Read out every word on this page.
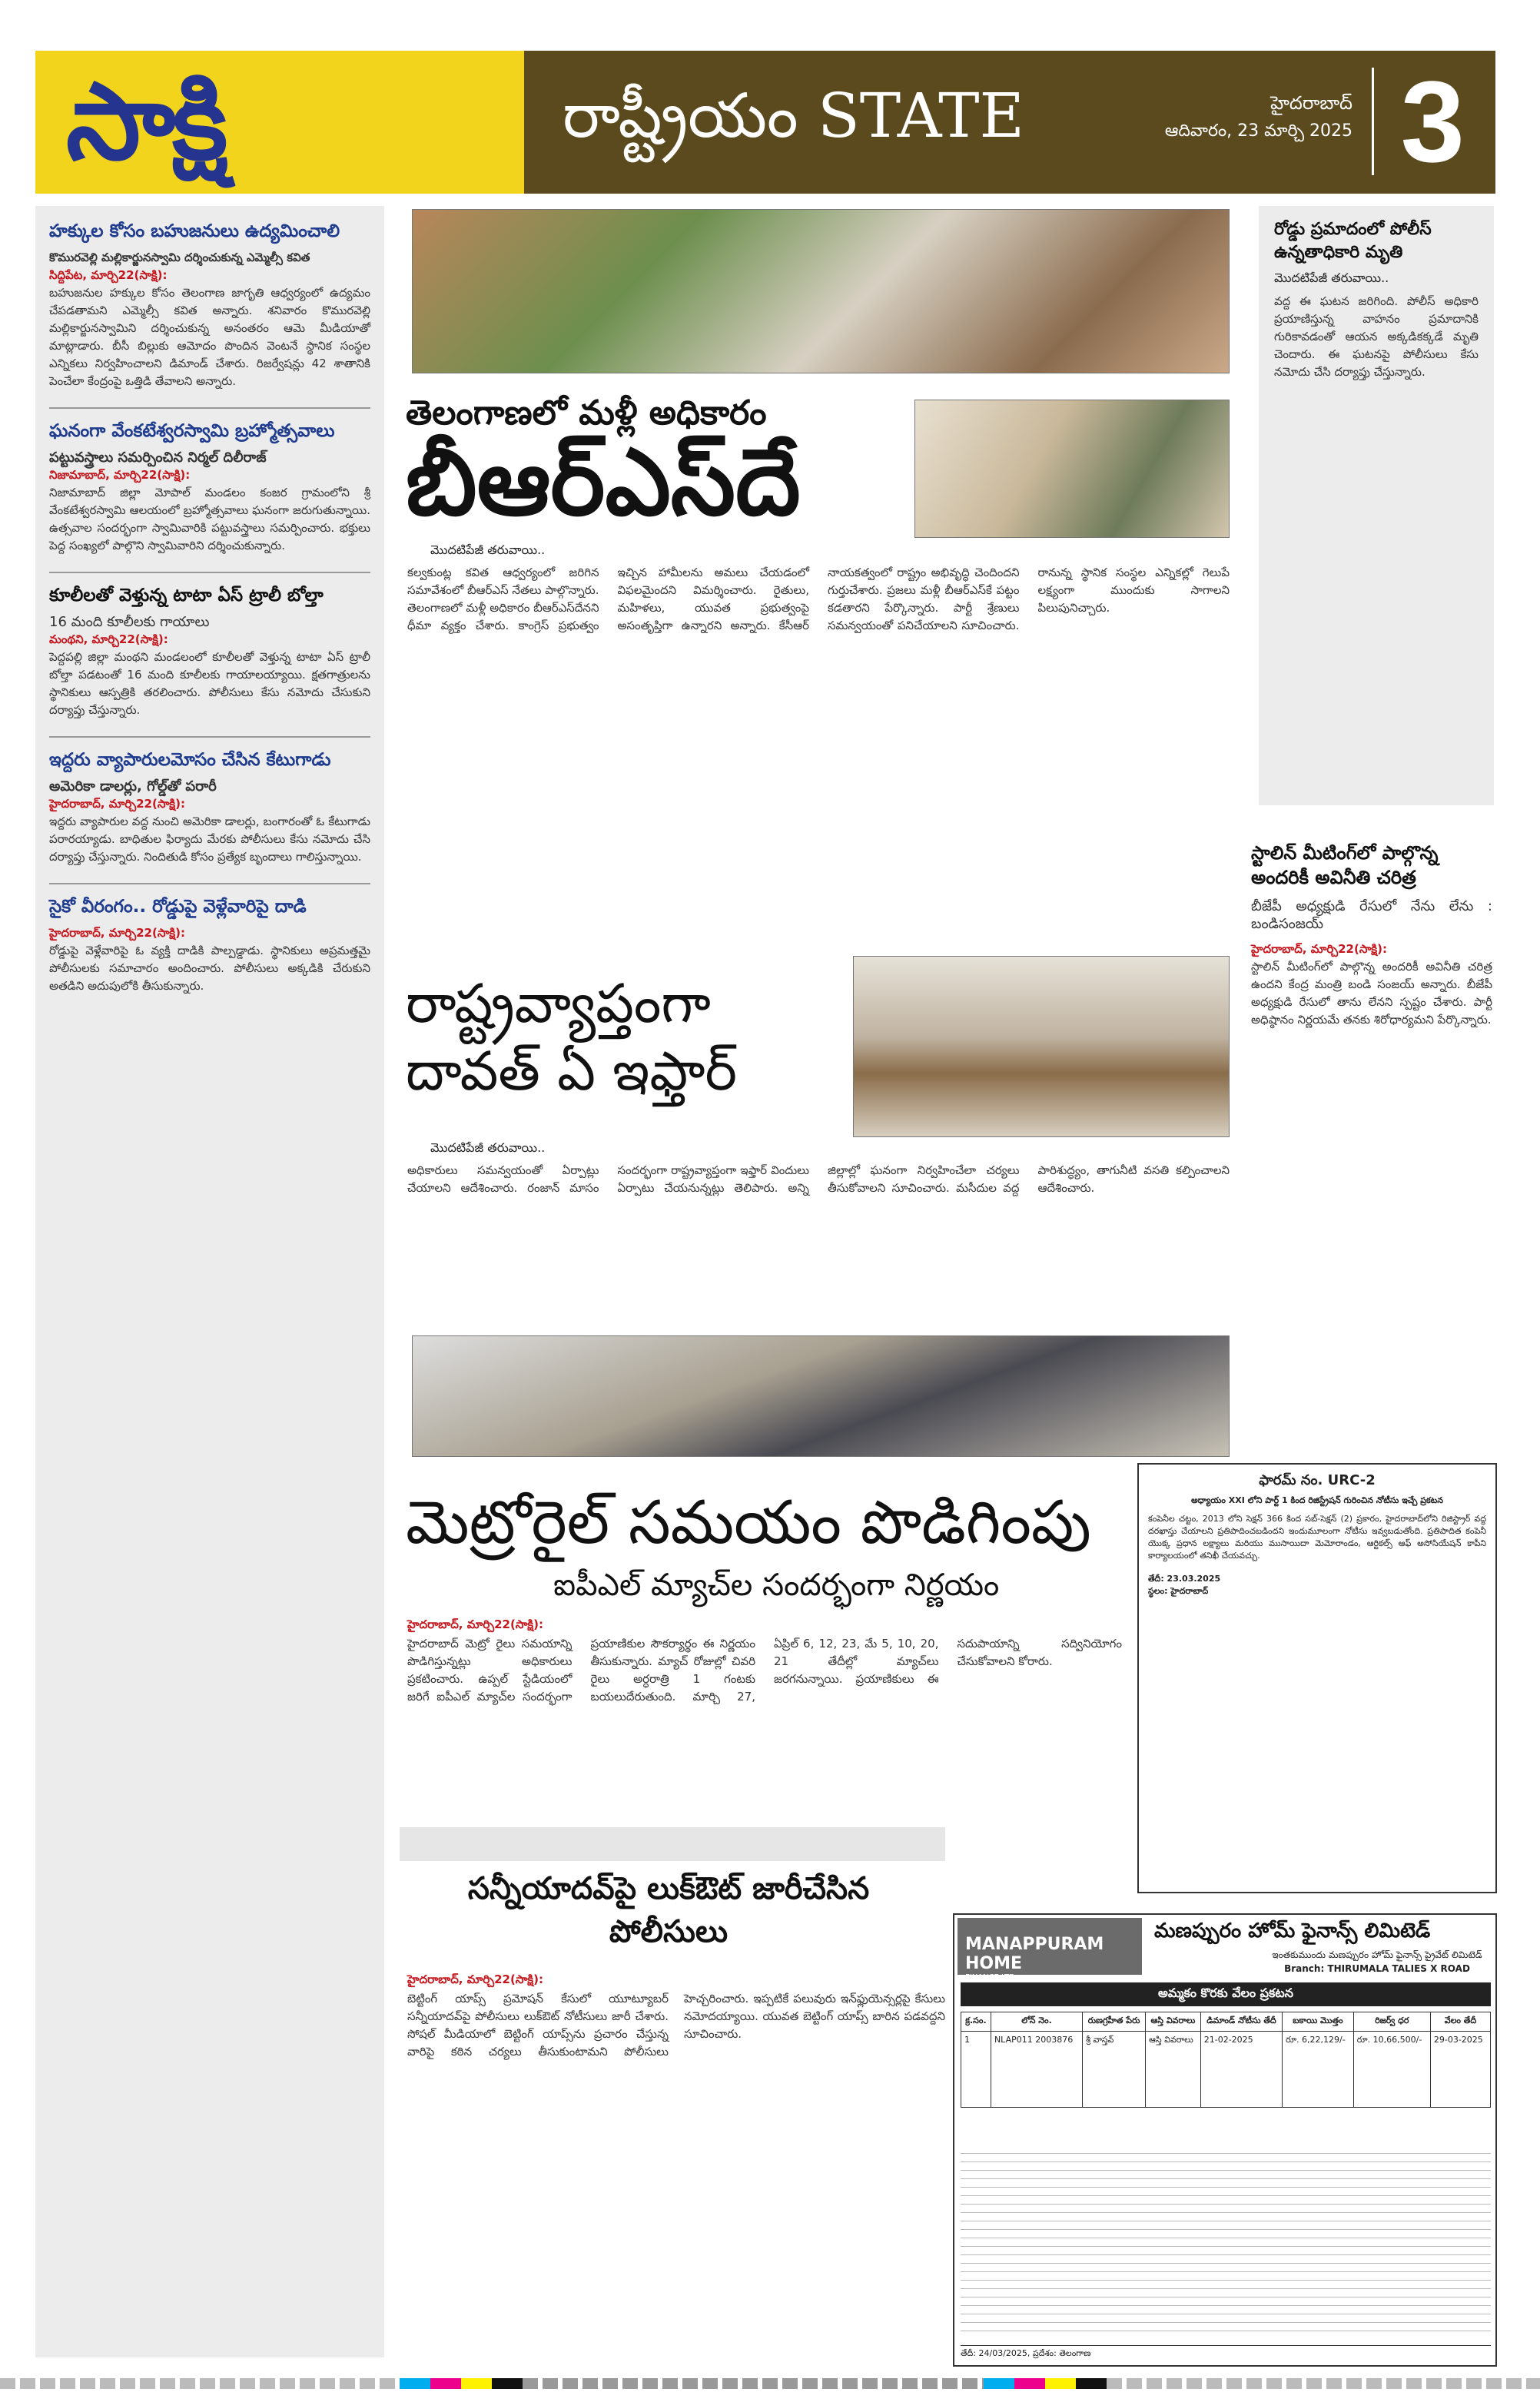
సాక్షి	రాష్ట్రీయం STATE	హైదరాబాద్
ఆదివారం, 23 మార్చి 2025 3
హక్కుల కోసం బహుజనులు ఉద్యమించాలి
కొమురవెల్లి మల్లికార్జునస్వామి దర్శించుకున్న ఎమ్మెల్సీ కవిత
సిద్దిపేట, మార్చి22(సాక్షి):
బహుజనుల హక్కుల కోసం తెలంగాణ జాగృతి ఆధ్వర్యంలో ఉద్యమం చేపడతామని ఎమ్మెల్సీ కవిత అన్నారు. శనివారం కొమురవెల్లి మల్లికార్జునస్వామిని దర్శించుకున్న అనంతరం ఆమె మీడియాతో మాట్లాడారు. బీసీ బిల్లుకు ఆమోదం పొందిన వెంటనే స్థానిక సంస్థల ఎన్నికలు నిర్వహించాలని డిమాండ్ చేశారు. రిజర్వేషన్లు 42 శాతానికి పెంచేలా కేంద్రంపై ఒత్తిడి తేవాలని అన్నారు.
ఘనంగా వేంకటేశ్వరస్వామి బ్రహ్మోత్సవాలు
పట్టువస్త్రాలు సమర్పించిన నిర్మల్ దిలీరాజ్
నిజామాబాద్, మార్చి22(సాక్షి):
నిజామాబాద్ జిల్లా మోపాల్ మండలం కంజర గ్రామంలోని శ్రీ వేంకటేశ్వరస్వామి ఆలయంలో బ్రహ్మోత్సవాలు ఘనంగా జరుగుతున్నాయి. ఉత్సవాల సందర్భంగా స్వామివారికి పట్టువస్త్రాలు సమర్పించారు. భక్తులు పెద్ద సంఖ్యలో పాల్గొని స్వామివారిని దర్శించుకున్నారు.
కూలీలతో వెళ్తున్న టాటా ఏస్ ట్రాలీ బోల్తా
16 మంది కూలీలకు గాయాలు
మంథని, మార్చి22(సాక్షి):
పెద్దపల్లి జిల్లా మంథని మండలంలో కూలీలతో వెళ్తున్న టాటా ఏస్ ట్రాలీ బోల్తా పడటంతో 16 మంది కూలీలకు గాయాలయ్యాయి. క్షతగాత్రులను స్థానికులు ఆస్పత్రికి తరలించారు. పోలీసులు కేసు నమోదు చేసుకుని దర్యాప్తు చేస్తున్నారు.
ఇద్దరు వ్యాపారులమోసం చేసిన కేటుగాడు
అమెరికా డాలర్లు, గోల్డ్‌తో పరారీ
హైదరాబాద్, మార్చి22(సాక్షి):
ఇద్దరు వ్యాపారుల వద్ద నుంచి అమెరికా డాలర్లు, బంగారంతో ఓ కేటుగాడు పరారయ్యాడు. బాధితుల ఫిర్యాదు మేరకు పోలీసులు కేసు నమోదు చేసి దర్యాప్తు చేస్తున్నారు. నిందితుడి కోసం ప్రత్యేక బృందాలు గాలిస్తున్నాయి.
సైకో వీరంగం.. రోడ్డుపై వెళ్లేవారిపై దాడి
హైదరాబాద్, మార్చి22(సాక్షి):
రోడ్డుపై వెళ్లేవారిపై ఓ వ్యక్తి దాడికి పాల్పడ్డాడు. స్థానికులు అప్రమత్తమై పోలీసులకు సమాచారం అందించారు. పోలీసులు అక్కడికి చేరుకుని అతడిని అదుపులోకి తీసుకున్నారు.
తెలంగాణలో మళ్లీ అధికారం
బీఆర్ఎస్‌దే
మొదటిపేజీ తరువాయి..
కల్వకుంట్ల కవిత ఆధ్వర్యంలో జరిగిన సమావేశంలో బీఆర్ఎస్ నేతలు పాల్గొన్నారు. తెలంగాణలో మళ్లీ అధికారం బీఆర్ఎస్‌దేనని ధీమా వ్యక్తం చేశారు. కాంగ్రెస్ ప్రభుత్వం ఇచ్చిన హామీలను అమలు చేయడంలో విఫలమైందని విమర్శించారు. రైతులు, మహిళలు, యువత ప్రభుత్వంపై అసంతృప్తిగా ఉన్నారని అన్నారు. కేసీఆర్ నాయకత్వంలో రాష్ట్రం అభివృద్ధి చెందిందని గుర్తుచేశారు. ప్రజలు మళ్లీ బీఆర్ఎస్‌కే పట్టం కడతారని పేర్కొన్నారు. పార్టీ శ్రేణులు సమన్వయంతో పనిచేయాలని సూచించారు. రానున్న స్థానిక సంస్థల ఎన్నికల్లో గెలుపే లక్ష్యంగా ముందుకు సాగాలని పిలుపునిచ్చారు.
రాష్ట్రవ్యాప్తంగా దావత్ ఏ ఇఫ్తార్
మొదటిపేజీ తరువాయి..
అధికారులు సమన్వయంతో ఏర్పాట్లు చేయాలని ఆదేశించారు. రంజాన్ మాసం సందర్భంగా రాష్ట్రవ్యాప్తంగా ఇఫ్తార్ విందులు ఏర్పాటు చేయనున్నట్లు తెలిపారు. అన్ని జిల్లాల్లో ఘనంగా నిర్వహించేలా చర్యలు తీసుకోవాలని సూచించారు. మసీదుల వద్ద పారిశుద్ధ్యం, తాగునీటి వసతి కల్పించాలని ఆదేశించారు.
రోడ్డు ప్రమాదంలో పోలీస్ ఉన్నతాధికారి మృతి
మొదటిపేజీ తరువాయి..
వద్ద ఈ ఘటన జరిగింది. పోలీస్ అధికారి ప్రయాణిస్తున్న వాహనం ప్రమాదానికి గురికావడంతో ఆయన అక్కడికక్కడే మృతి చెందారు. ఈ ఘటనపై పోలీసులు కేసు నమోదు చేసి దర్యాప్తు చేస్తున్నారు.
స్టాలిన్ మీటింగ్‌లో పాల్గొన్న అందరికీ అవినీతి చరిత్ర
బీజేపీ అధ్యక్షుడి రేసులో నేను లేను : బండిసంజయ్
హైదరాబాద్, మార్చి22(సాక్షి):
స్టాలిన్ మీటింగ్‌లో పాల్గొన్న అందరికీ అవినీతి చరిత్ర ఉందని కేంద్ర మంత్రి బండి సంజయ్ అన్నారు. బీజేపీ అధ్యక్షుడి రేసులో తాను లేనని స్పష్టం చేశారు. పార్టీ అధిష్ఠానం నిర్ణయమే తనకు శిరోధార్యమని పేర్కొన్నారు.
మెట్రోరైల్ సమయం పొడిగింపు
ఐపీఎల్ మ్యాచ్‌ల సందర్భంగా నిర్ణయం
హైదరాబాద్, మార్చి22(సాక్షి):
హైదరాబాద్ మెట్రో రైలు సమయాన్ని పొడిగిస్తున్నట్లు అధికారులు ప్రకటించారు. ఉప్పల్ స్టేడియంలో జరిగే ఐపీఎల్ మ్యాచ్‌ల సందర్భంగా ప్రయాణికుల సౌకర్యార్థం ఈ నిర్ణయం తీసుకున్నారు. మ్యాచ్ రోజుల్లో చివరి రైలు అర్ధరాత్రి 1 గంటకు బయలుదేరుతుంది. మార్చి 27, ఏప్రిల్ 6, 12, 23, మే 5, 10, 20, 21 తేదీల్లో మ్యాచ్‌లు జరగనున్నాయి. ప్రయాణికులు ఈ సదుపాయాన్ని సద్వినియోగం చేసుకోవాలని కోరారు.
ఫారమ్ నం. URC-2
అధ్యాయం XXI లోని పార్ట్ 1 కింద రిజిస్ట్రేషన్ గురించిన నోటీసు ఇచ్చే ప్రకటన
కంపెనీల చట్టం, 2013 లోని సెక్షన్ 366 కింద సబ్-సెక్షన్ (2) ప్రకారం, హైదరాబాద్‌లోని రిజిస్ట్రార్ వద్ద దరఖాస్తు చేయాలని ప్రతిపాదించబడిందని ఇందుమూలంగా నోటీసు ఇవ్వబడుతోంది. ప్రతిపాదిత కంపెనీ యొక్క ప్రధాన లక్ష్యాలు మరియు ముసాయిదా మెమోరాండం, ఆర్టికల్స్ ఆఫ్ అసోసియేషన్ కాపీని కార్యాలయంలో తనిఖీ చేయవచ్చు.
తేదీ: 23.03.2025
స్థలం: హైదరాబాద్
సన్నీయాదవ్‌పై లుక్‌ఔట్ జారీచేసిన పోలీసులు
హైదరాబాద్, మార్చి22(సాక్షి):
బెట్టింగ్ యాప్స్ ప్రమోషన్ కేసులో యూట్యూబర్ సన్నీయాదవ్‌పై పోలీసులు లుక్‌ఔట్ నోటీసులు జారీ చేశారు. సోషల్ మీడియాలో బెట్టింగ్ యాప్స్‌ను ప్రచారం చేస్తున్న వారిపై కఠిన చర్యలు తీసుకుంటామని పోలీసులు హెచ్చరించారు. ఇప్పటికే పలువురు ఇన్‌ఫ్లుయెన్సర్లపై కేసులు నమోదయ్యాయి. యువత బెట్టింగ్ యాప్స్ బారిన పడవద్దని సూచించారు.
MANAPPURAM HOME
FINANCE LTD
మణప్పురం హోమ్ ఫైనాన్స్ లిమిటెడ్
ఇంతకుముందు మణప్పురం హోమ్ ఫైనాన్స్ ప్రైవేట్ లిమిటెడ్
Branch: THIRUMALA TALIES X ROAD
అమ్మకం కొరకు వేలం ప్రకటన
క్ర.సం.	లోన్ నెం.	రుణగ్రహీత పేరు	ఆస్తి వివరాలు	డిమాండ్ నోటీసు తేదీ	బకాయి మొత్తం	రిజర్వ్ ధర	వేలం తేదీ
1	NLAP011 2003876	శ్రీ వాస్తవ్	ఆస్తి వివరాలు	21-02-2025	రూ. 6,22,129/-	రూ. 10,66,500/-	29-03-2025
తేదీ: 24/03/2025, ప్రదేశం: తెలంగాణ
